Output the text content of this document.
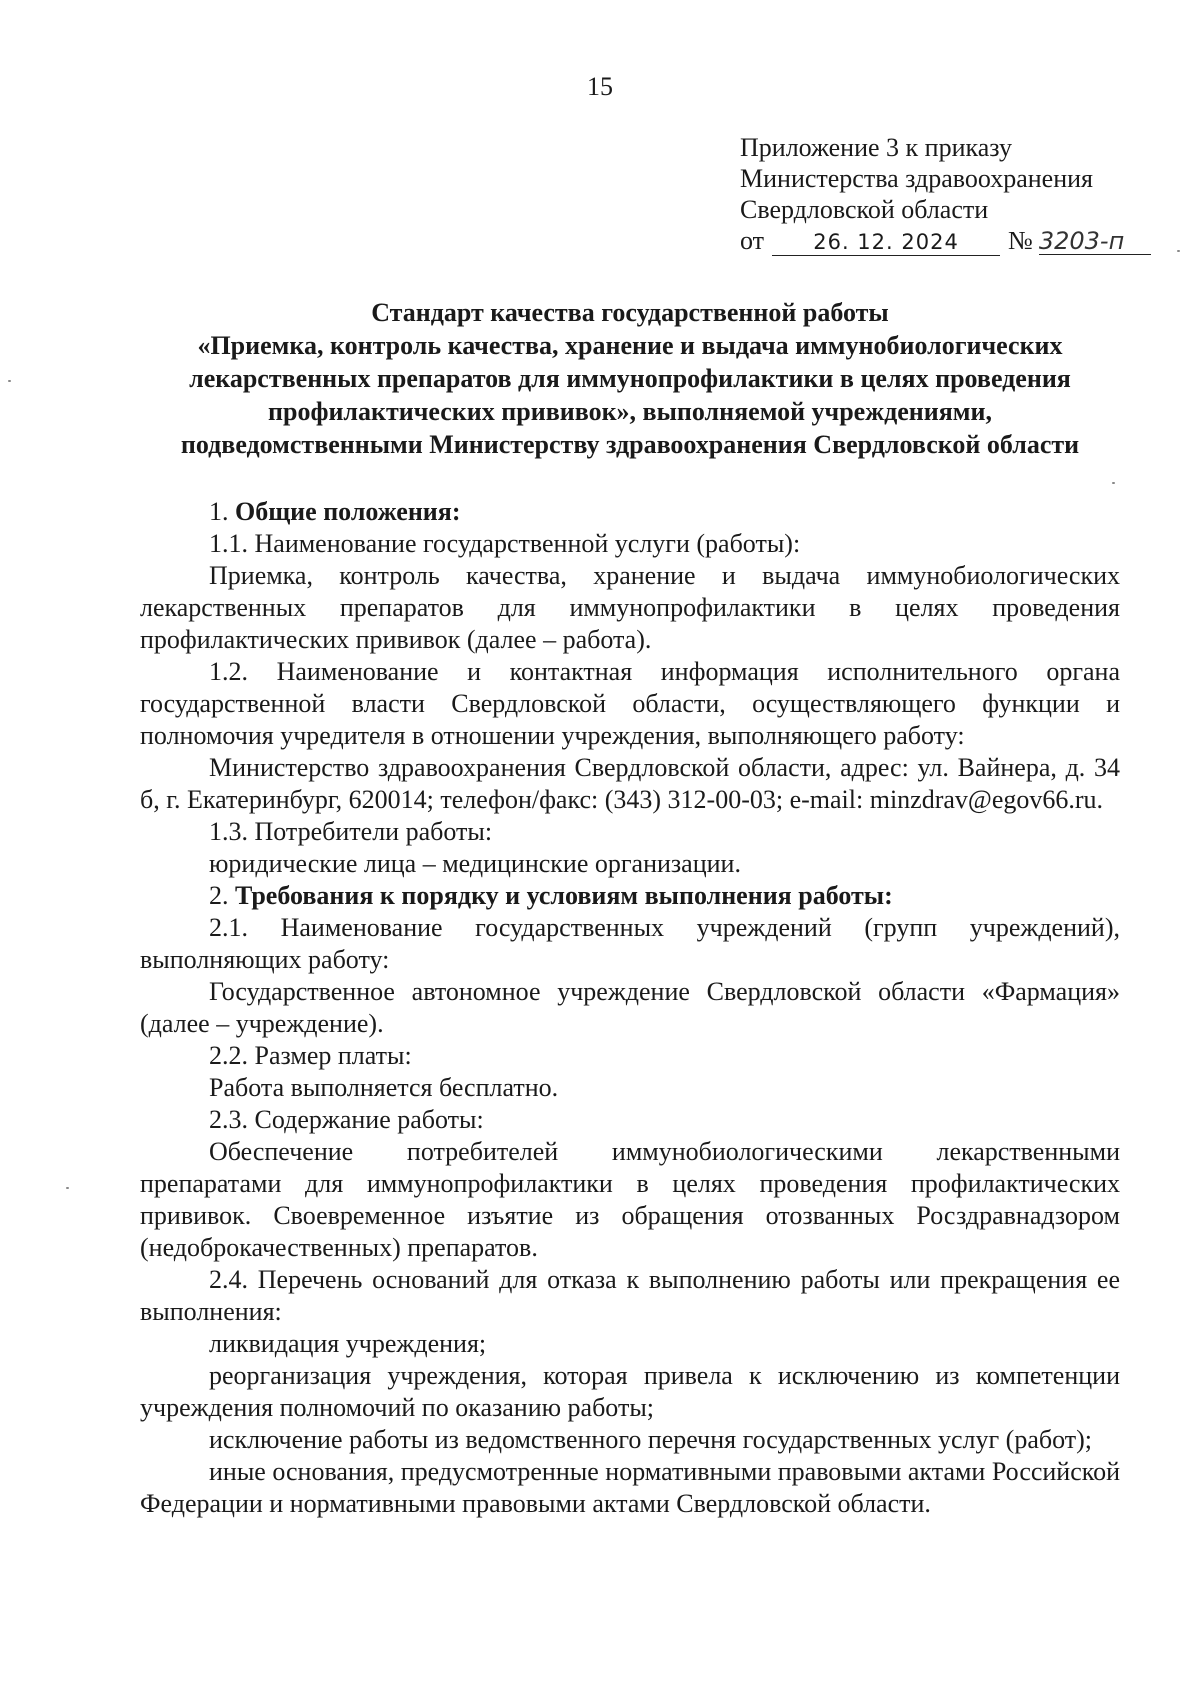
15
Приложение 3 к приказу
Министерства здравоохранения
Свердловской области
от	26. 12. 2024	№ 3203-п
Стандарт качества государственной работы
«Приемка, контроль качества, хранение и выдача иммунобиологических
лекарственных препаратов для иммунопрофилактики в целях проведения
профилактических прививок», выполняемой учреждениями,
подведомственными Министерству здравоохранения Свердловской области

1. Общие положения:

1.1. Наименование государственной услуги (работы):

Приемка, контроль качества, хранение и выдача иммунобиологических лекарственных препаратов для иммунопрофилактики в целях проведения профилактических прививок (далее – работа).

1.2. Наименование и контактная информация исполнительного органа государственной власти Свердловской области, осуществляющего функции и полномочия учредителя в отношении учреждения, выполняющего работу:

Министерство здравоохранения Свердловской области, адрес: ул. Вайнера, д. 34 б, г. Екатеринбург, 620014; телефон/факс: (343) 312-00-03; e-mail: minzdrav@egov66.ru.

1.3. Потребители работы:

юридические лица – медицинские организации.

2. Требования к порядку и условиям выполнения работы:

2.1. Наименование государственных учреждений (групп учреждений), выполняющих работу:

Государственное автономное учреждение Свердловской области «Фармация» (далее – учреждение).

2.2. Размер платы:

Работа выполняется бесплатно.

2.3. Содержание работы:

Обеспечение потребителей иммунобиологическими лекарственными препаратами для иммунопрофилактики в целях проведения профилактических прививок. Своевременное изъятие из обращения отозванных Росздравнадзором (недоброкачественных) препаратов.

2.4. Перечень оснований для отказа к выполнению работы или прекращения ее выполнения:

ликвидация учреждения;

реорганизация учреждения, которая привела к исключению из компетенции учреждения полномочий по оказанию работы;

исключение работы из ведомственного перечня государственных услуг (работ);

иные основания, предусмотренные нормативными правовыми актами Российской Федерации и нормативными правовыми актами Свердловской области.
